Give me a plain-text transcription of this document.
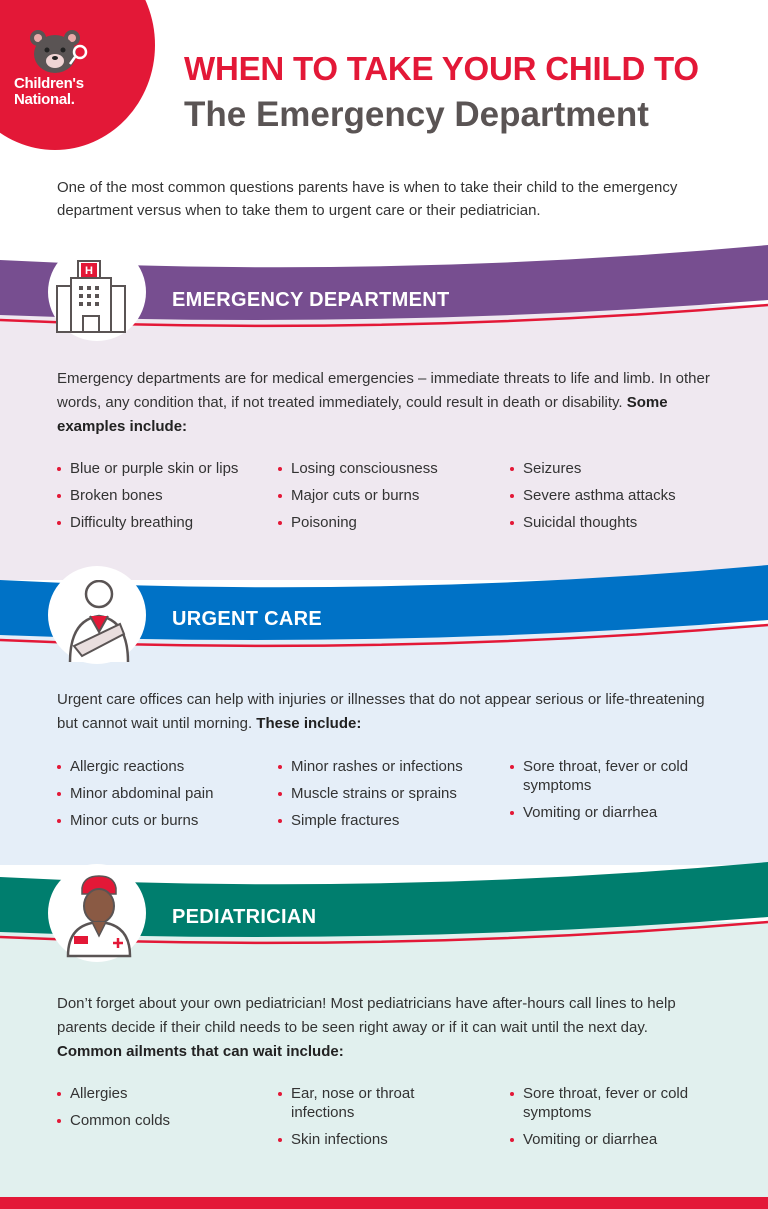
Children's
National.
WHEN TO TAKE YOUR CHILD TO
The Emergency Department
One of the most common questions parents have is when to take their child to the emergency department versus when to take them to urgent care or their pediatrician.
H
EMERGENCY DEPARTMENT
Emergency departments are for medical emergencies – immediate threats to life and limb. In other words, any condition that, if not treated immediately, could result in death or disability. Some examples include:
Blue or purple skin or lips
Broken bones
Difficulty breathing
Losing consciousness
Major cuts or burns
Poisoning
Seizures
Severe asthma attacks
Suicidal thoughts
URGENT CARE
Urgent care offices can help with injuries or illnesses that do not appear serious or life-threatening but cannot wait until morning. These include:
Allergic reactions
Minor abdominal pain
Minor cuts or burns
Minor rashes or infections
Muscle strains or sprains
Simple fractures
Sore throat, fever or cold symptoms
Vomiting or diarrhea
PEDIATRICIAN
Don’t forget about your own pediatrician! Most pediatricians have after-hours call lines to help parents decide if their child needs to be seen right away or if it can wait until the next day. Common ailments that can wait include:
Allergies
Common colds
Ear, nose or throat infections
Skin infections
Sore throat, fever or cold symptoms
Vomiting or diarrhea
